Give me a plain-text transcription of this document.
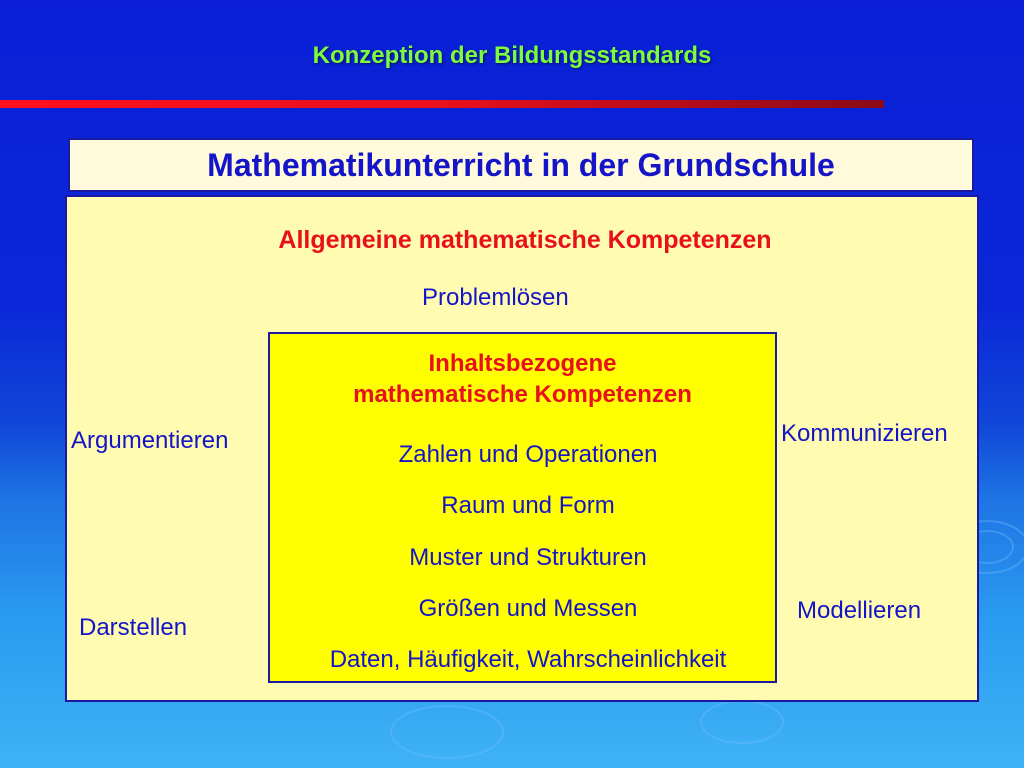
Konzeption der Bildungsstandards
Mathematikunterricht in der Grundschule
Allgemeine mathematische Kompetenzen
Problemlösen
Argumentieren	Kommunizieren
Darstellen
Modellieren
Inhaltsbezogene
mathematische Kompetenzen
Zahlen und Operationen
Raum und Form
Muster und Strukturen
Größen und Messen
Daten, Häufigkeit, Wahrscheinlichkeit
